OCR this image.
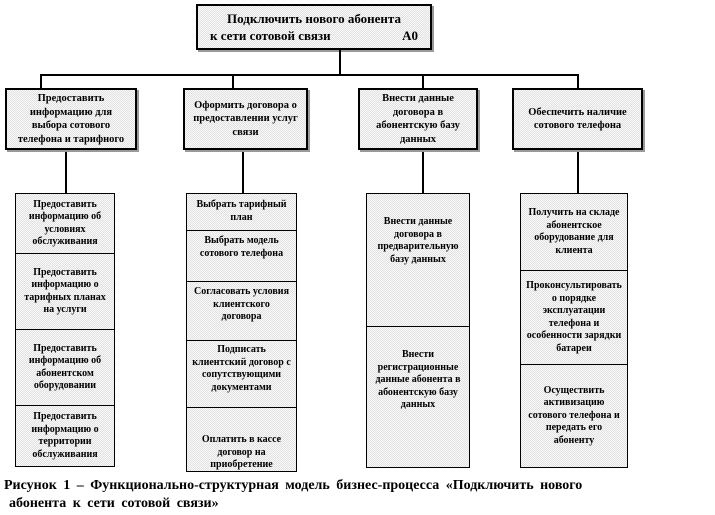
Подключить нового абонента
к сети сотовой связи	А0
Предоставить информацию для выбора сотового телефона и тарифного
Предоставить информацию об условиях обслуживания
Предоставить информацию о тарифных планах на услуги
Предоставить информацию об абонентском оборудовании
Предоставить информацию о территории обслуживания
Оформить договора о предоставлении услуг связи
Выбрать тарифный план
Выбрать модель сотового телефона
Согласовать условия клиентского договора
Подписать клиентский договор с сопутствующими документами
Оплатить в кассе договор на приобретение
Внести данные договора в абонентскую базу данных
Внести данные договора в предварительную базу данных
Внести регистрационные данные абонента в абонентскую базу данных
Обеспечить наличие сотового телефона
Получить на складе абонентское оборудование для клиента
Проконсультировать о порядке эксплуатации телефона и особенности зарядки батареи
Осуществить активизацию сотового телефона и передать его абоненту
Рисунок 1 – Функционально-структурная модель бизнес-процесса «Подключить нового
абонента к сети сотовой связи»
